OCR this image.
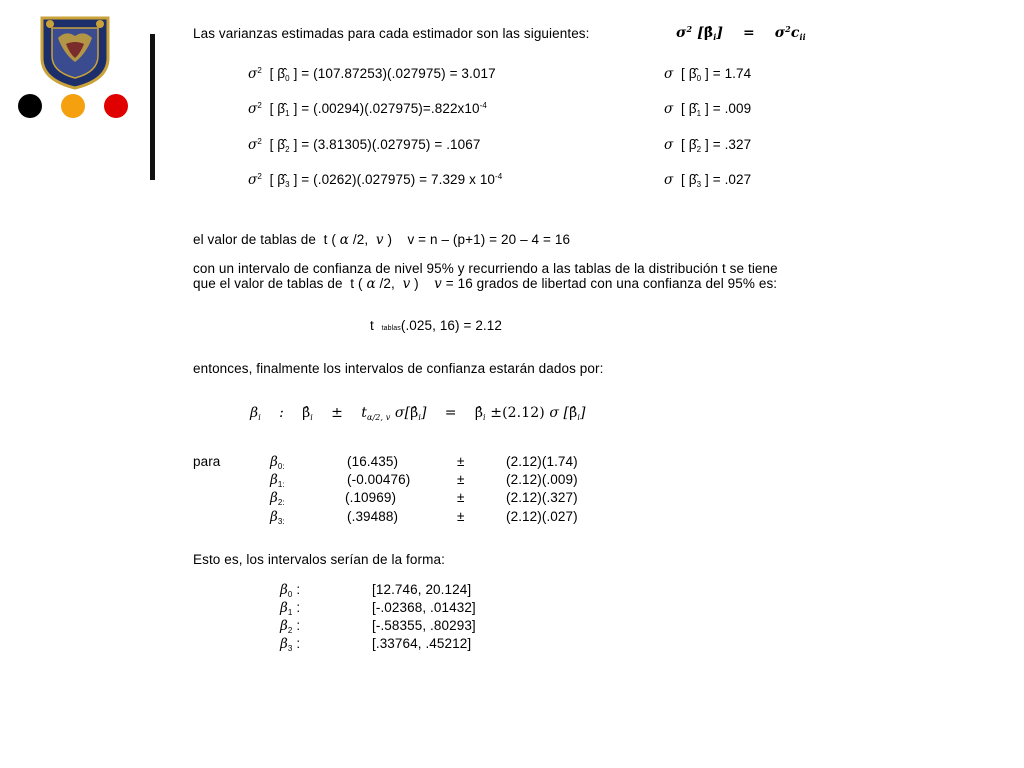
Las varianzas estimadas para cada estimador son las siguientes:	$\sigma^2$ $[\betâ_i]$    =    $\sigma^2c_{ii}$
$\sigma^2$  [ $\betâ_0$ ] = (107.87253)(.027975) = 3.017	σ  [ $\betâ_0$ ] = 1.74
$\sigma^2$  [ $\betâ_1$ ] = $(.00294)(.027975)=.822x10^{-4}$	σ  [ $\betâ_1$ ] = .009
$\sigma^2$  [ $\betâ_2$ ] = (3.81305)(.027975) = .1067	σ  [ $\betâ_2$ ] = .327
$\sigma^2$  [ $\betâ_3$ ] = (.0262)(.027975) = 7.329 x $10^{-4}$	σ  [ $\betâ_3$ ] = .027
el valor de tablas de  t ( α /2,  v )    v = n – (p+1) = 20 – 4 = 16
con un intervalo de confianza de nivel 95% y recurriendo a las tablas de la distribución t se tiene
que el valor de tablas de  t ( α /2,  v )    v = 16 grados de libertad con una confianza del 95% es:
t tablas(.025, 16) = 2.12
entonces, finalmente los intervalos de confianza estarán dados por:
$\beta_i$    :    $\betâ_i$ ±    $t_{\alpha/2, v}$ $\sigma[\betâ_i]$    = $\betâ_i \pm(2.12)$ σ $[\betâ_i]$
para	$\beta_{0:}$	(16.435)	±	(2.12)(1.74)
$\beta_{1:}$	(-0.00476)	±	(2.12)(.009)
$\beta_{2:}$	(.10969)	±	(2.12)(.327)
$\beta_{3:}$	(.39488)	±	(2.12)(.027)
Esto es, los intervalos serían de la forma:
$\beta_0$ :	[12.746, 20.124]
$\beta_1$ :	[-.02368, .01432]
$\beta_2$ :	[-.58355, .80293]
$\beta_3$ :	[.33764, .45212]
